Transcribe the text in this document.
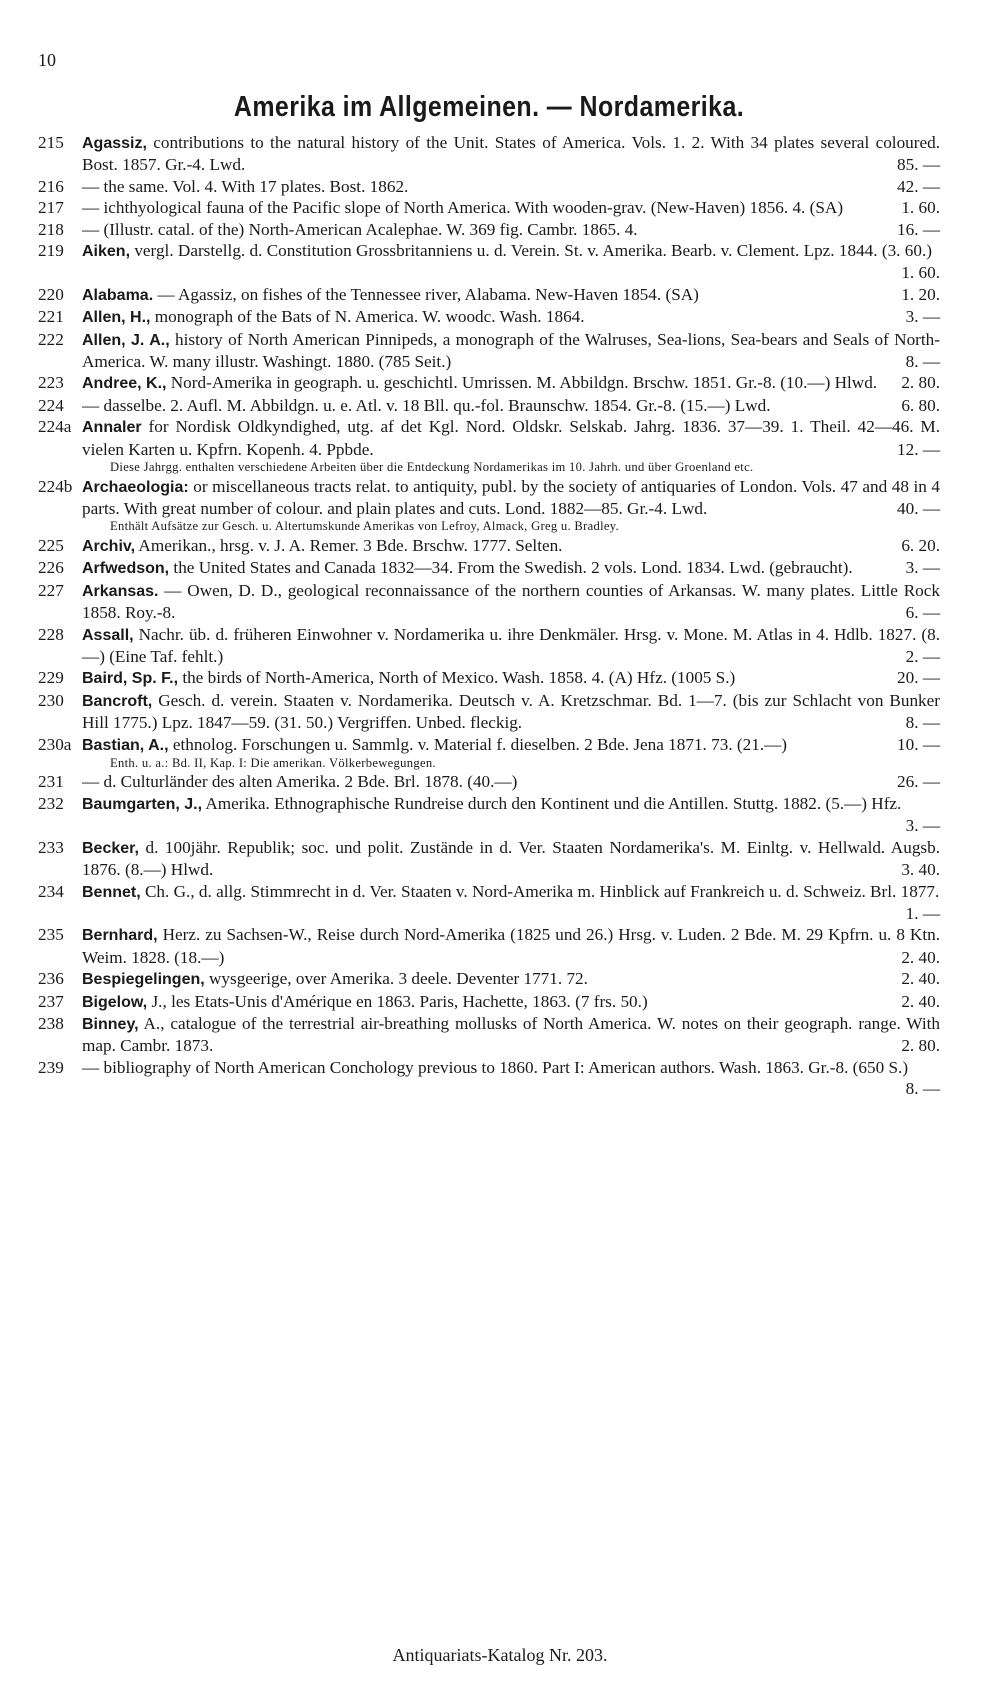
10
Amerika im Allgemeinen. — Nordamerika.
215	Agassiz, contributions to the natural history of the Unit. States of America. Vols. 1. 2. With 34 plates several coloured. Bost. 1857. Gr.-4. Lwd.	85. —
216	— the same. Vol. 4. With 17 plates. Bost. 1862.	42. —
217	— ichthyological fauna of the Pacific slope of North America. With wooden-grav. (New-Haven) 1856. 4. (SA)	1. 60.
218	— (Illustr. catal. of the) North-American Acalephae. W. 369 fig. Cambr. 1865. 4.	16. —
219	Aiken, vergl. Darstellg. d. Constitution Grossbritanniens u. d. Verein. St. v. Amerika. Bearb. v. Clement. Lpz. 1844. (3. 60.)
1. 60.
220	Alabama. — Agassiz, on fishes of the Tennessee river, Alabama. New-Haven 1854. (SA)	1. 20.
221	Allen, H., monograph of the Bats of N. America. W. woodc. Wash. 1864.	3. —
222	Allen, J. A., history of North American Pinnipeds, a monograph of the Walruses, Sea-lions, Sea-bears and Seals of North-America. W. many illustr. Washingt. 1880. (785 Seit.)	8. —
223	Andree, K., Nord-Amerika in geograph. u. geschichtl. Umrissen. M. Abbildgn. Brschw. 1851. Gr.-8. (10.—) Hlwd.	2. 80.
224	— dasselbe. 2. Aufl. M. Abbildgn. u. e. Atl. v. 18 Bll. qu.-fol. Braunschw. 1854. Gr.-8. (15.—) Lwd.	6. 80.
224a Annaler for Nordisk Oldkyndighed, utg. af det Kgl. Nord. Oldskr. Selskab. Jahrg. 1836. 37—39. 1. Theil. 42—46. M. vielen Karten u. Kpfrn. Kopenh. 4. Ppbde.	12. —
Diese Jahrgg. enthalten verschiedene Arbeiten über die Entdeckung Nordamerikas im 10. Jahrh. und über Groenland etc.
224b Archaeologia: or miscellaneous tracts relat. to antiquity, publ. by the society of antiquaries of London. Vols. 47 and 48 in 4 parts. With great number of colour. and plain plates and cuts. Lond. 1882—85. Gr.-4. Lwd.	40. —
Enthält Aufsätze zur Gesch. u. Altertumskunde Amerikas von Lefroy, Almack, Greg u. Bradley.
225	Archiv, Amerikan., hrsg. v. J. A. Remer. 3 Bde. Brschw. 1777. Selten.	6. 20.
226	Arfwedson, the United States and Canada 1832—34. From the Swedish. 2 vols. Lond. 1834. Lwd. (gebraucht).	3. —
227	Arkansas. — Owen, D. D., geological reconnaissance of the northern counties of Arkansas. W. many plates. Little Rock 1858. Roy.-8.	6. —
228	Assall, Nachr. üb. d. früheren Einwohner v. Nordamerika u. ihre Denkmäler. Hrsg. v. Mone. M. Atlas in 4. Hdlb. 1827. (8.—) (Eine Taf. fehlt.)	2. —
229	Baird, Sp. F., the birds of North-America, North of Mexico. Wash. 1858. 4. (A) Hfz. (1005 S.)	20. —
230	Bancroft, Gesch. d. verein. Staaten v. Nordamerika. Deutsch v. A. Kretzschmar. Bd. 1—7. (bis zur Schlacht von Bunker Hill 1775.) Lpz. 1847—59. (31. 50.) Vergriffen. Unbed. fleckig.	8. —
230a Bastian, A., ethnolog. Forschungen u. Sammlg. v. Material f. dieselben. 2 Bde. Jena 1871. 73. (21.—)	10. —
Enth. u. a.: Bd. II, Kap. I: Die amerikan. Völkerbewegungen.
231	— d. Culturländer des alten Amerika. 2 Bde. Brl. 1878. (40.—)	26. —
232	Baumgarten, J., Amerika. Ethnographische Rundreise durch den Kontinent und die Antillen. Stuttg. 1882. (5.—) Hfz.
3. —
233	Becker, d. 100jähr. Republik; soc. und polit. Zustände in d. Ver. Staaten Nordamerika's. M. Einltg. v. Hellwald. Augsb. 1876. (8.—) Hlwd.	3. 40.
234	Bennet, Ch. G., d. allg. Stimmrecht in d. Ver. Staaten v. Nord-Amerika m. Hinblick auf Frankreich u. d. Schweiz. Brl. 1877.
1. —
235	Bernhard, Herz. zu Sachsen-W., Reise durch Nord-Amerika (1825 und 26.) Hrsg. v. Luden. 2 Bde. M. 29 Kpfrn. u. 8 Ktn. Weim. 1828. (18.—)	2. 40.
236	Bespiegelingen, wysgeerige, over Amerika. 3 deele. Deventer 1771. 72.	2. 40.
237	Bigelow, J., les Etats-Unis d'Amérique en 1863. Paris, Hachette, 1863. (7 frs. 50.)	2. 40.
238	Binney, A., catalogue of the terrestrial air-breathing mollusks of North America. W. notes on their geograph. range. With map. Cambr. 1873.	2. 80.
239	— bibliography of North American Conchology previous to 1860. Part I: American authors. Wash. 1863. Gr.-8. (650 S.)
8. —
Antiquariats-Katalog Nr. 203.
